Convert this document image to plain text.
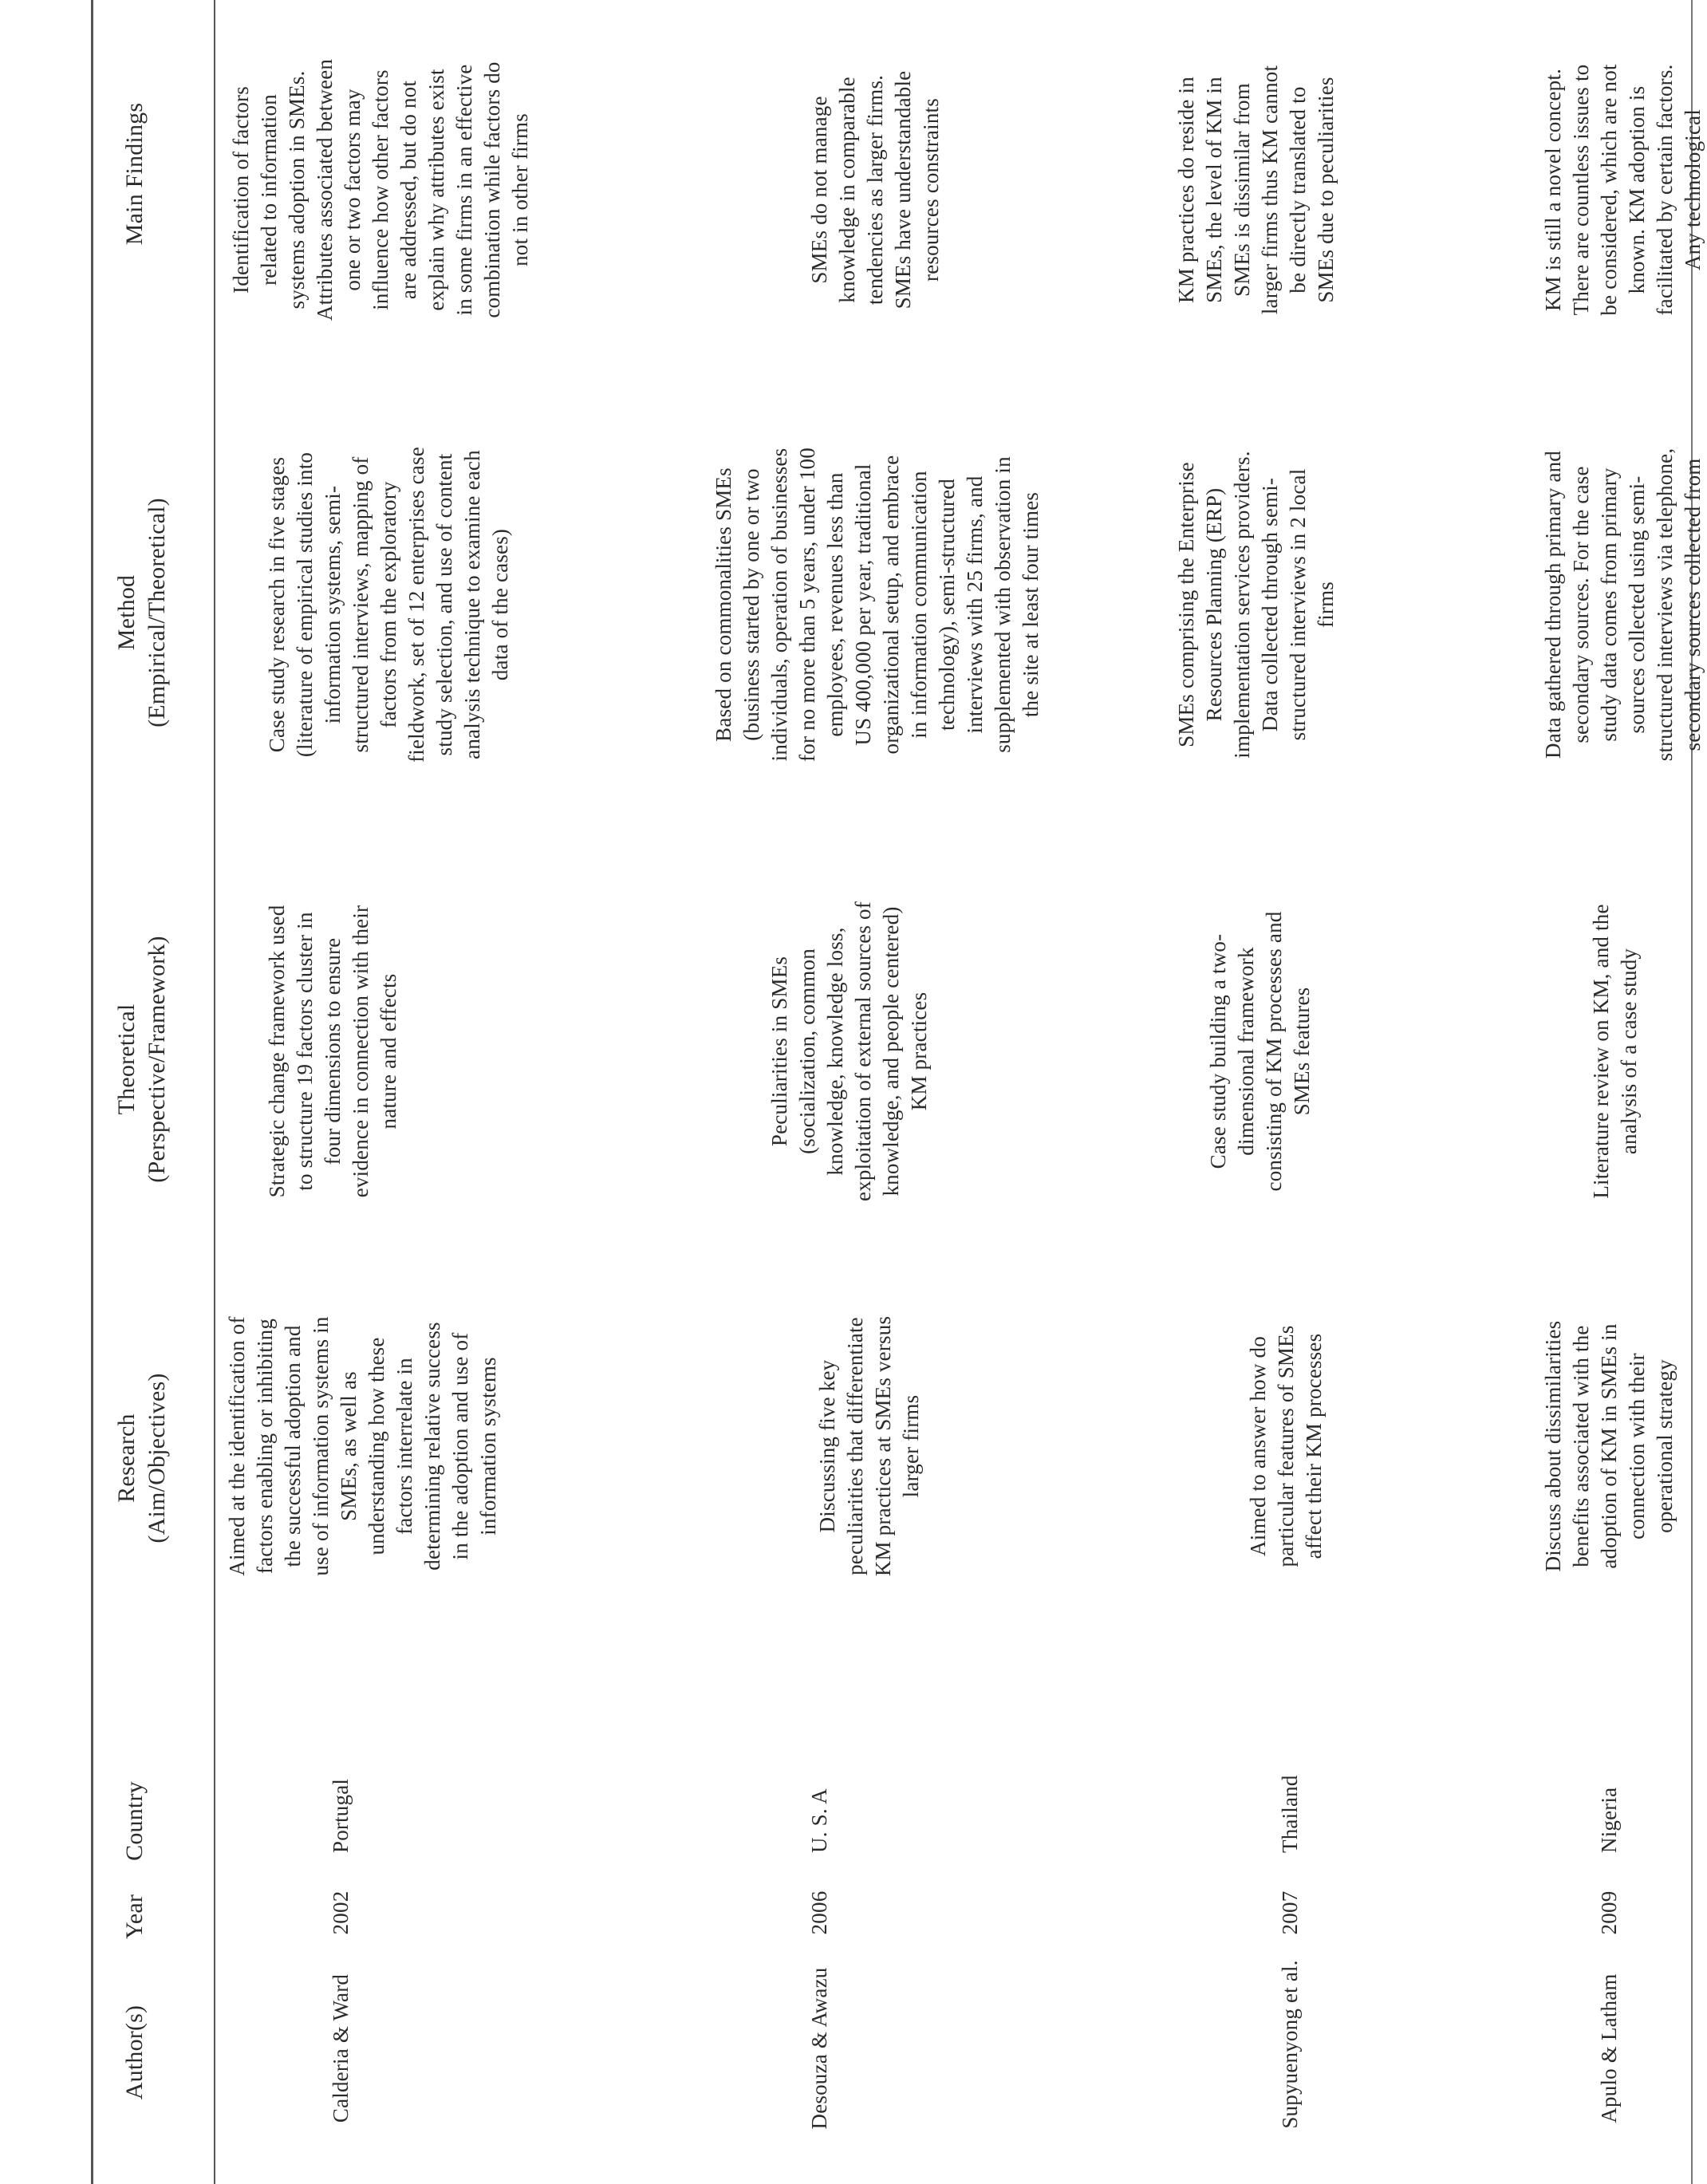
Author(s)
Year
Country
Research
(Aim/Objectives)
Theoretical
(Perspective/Framework)
Method
(Empirical/Theoretical)
Main Findings
Calderia & Ward
2002
Portugal
Aimed at the identification of
factors enabling or inhibiting
the successful adoption and
use of information systems in
SMEs, as well as
understanding how these
factors interrelate in
determining relative success
in the adoption and use of
information systems
Strategic change framework used
to structure 19 factors cluster in
four dimensions to ensure
evidence in connection with their
nature and effects
Case study research in five stages
(literature of empirical studies into
information systems, semi-
structured interviews, mapping of
factors from the exploratory
fieldwork, set of 12 enterprises case
study selection, and use of content
analysis technique to examine each
data of the cases)
Identification of factors
related to information
systems adoption in SMEs.
Attributes associated between
one or two factors may
influence how other factors
are addressed, but do not
explain why attributes exist
in some firms in an effective
combination while factors do
not in other firms
Desouza & Awazu
2006
U. S. A
Discussing five key
peculiarities that differentiate
KM practices at SMEs versus
larger firms
Peculiarities in SMEs
(socialization, common
knowledge, knowledge loss,
exploitation of external sources of
knowledge, and people centered)
KM practices
Based on commonalities SMEs
(business started by one or two
individuals, operation of businesses
for no more than 5 years, under 100
employees, revenues less than
US 400,000 per year, traditional
organizational setup, and embrace
in information communication
technology), semi-structured
interviews with 25 firms, and
supplemented with observation in
the site at least four times
SMEs do not manage
knowledge in comparable
tendencies as larger firms.
SMEs have understandable
resources constraints
Supyuenyong et al.
2007
Thailand
Aimed to answer how do
particular features of SMEs
affect their KM processes
Case study building a two-
dimensional framework
consisting of KM processes and
SMEs features
SMEs comprising the Enterprise
Resources Planning (ERP)
implementation services providers.
Data collected through semi-
structured interviews in 2 local
firms
KM practices do reside in
SMEs, the level of KM in
SMEs is dissimilar from
larger firms thus KM cannot
be directly translated to
SMEs due to peculiarities
Apulo & Latham
2009
Nigeria
Discuss about dissimilarities
benefits associated with the
adoption of KM in SMEs in
connection with their
operational strategy
Literature review on KM, and the
analysis of a case study
Data gathered through primary and
secondary sources. For the case
study data comes from primary
sources collected using semi-
structured interviews via telephone,
secondary sources collected from
KM is still a novel concept.
There are countless issues to
be considered, which are not
known. KM adoption is
facilitated by certain factors.
Any technological
